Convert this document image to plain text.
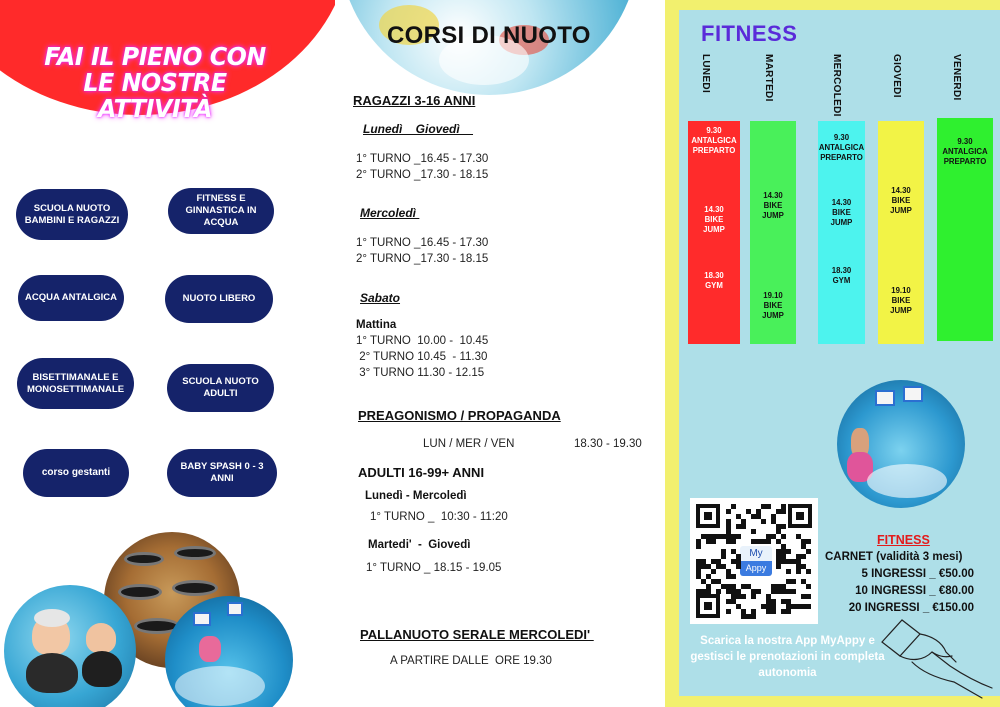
FAI IL PIENO CON
LE NOSTRE ATTIVITÀ
SCUOLA NUOTO BAMBINI E RAGAZZI
FITNESS E GINNASTICA IN ACQUA
ACQUA ANTALGICA	NUOTO LIBERO
BISETTIMANALE E MONOSETTIMANALE
SCUOLA NUOTO ADULTI
corso gestanti
BABY SPASH 0 - 3 ANNI
CORSI DI NUOTO
RAGAZZI 3-16 ANNI
Lunedì    Giovedì
1° TURNO _16.45 - 17.30
2° TURNO _17.30 - 18.15
Mercoledì
1° TURNO _16.45 - 17.30
2° TURNO _17.30 - 18.15
Sabato
Mattina
1° TURNO  10.00 -  10.45
2° TURNO 10.45  - 11.30
3° TURNO 11.30 - 12.15
PREAGONISMO / PROPAGANDA
LUN / MER / VEN	18.30 - 19.30
ADULTI 16-99+ ANNI
Lunedì - Mercoledì
1° TURNO _  10:30 - 11:20
Martedi'  -  Giovedì
1° TURNO _ 18.15 - 19.05
PALLANUOTO SERALE MERCOLEDI'
A PARTIRE DALLE  ORE 19.30
FITNESS
LUNEDI
9.30
ANTALGICA
PREPARTO
14.30
BIKE
JUMP
18.30
GYM
MARTEDI
14.30
BIKE
JUMP
19.10
BIKE
JUMP
MERCOLEDI
9.30
ANTALGICA
PREPARTO
14.30
BIKE
JUMP
18.30
GYM
GIOVEDI
14.30
BIKE
JUMP
19.10
BIKE
JUMP
VENERDI
9.30
ANTALGICA
PREPARTO
My
Appy
FITNESS
CARNET (validità 3 mesi)
5 INGRESSI _ €50.00
10 INGRESSI _ €80.00
20 INGRESSI _ €150.00
Scarica la nostra App MyAppy e gestisci le prenotazioni in completa autonomia
